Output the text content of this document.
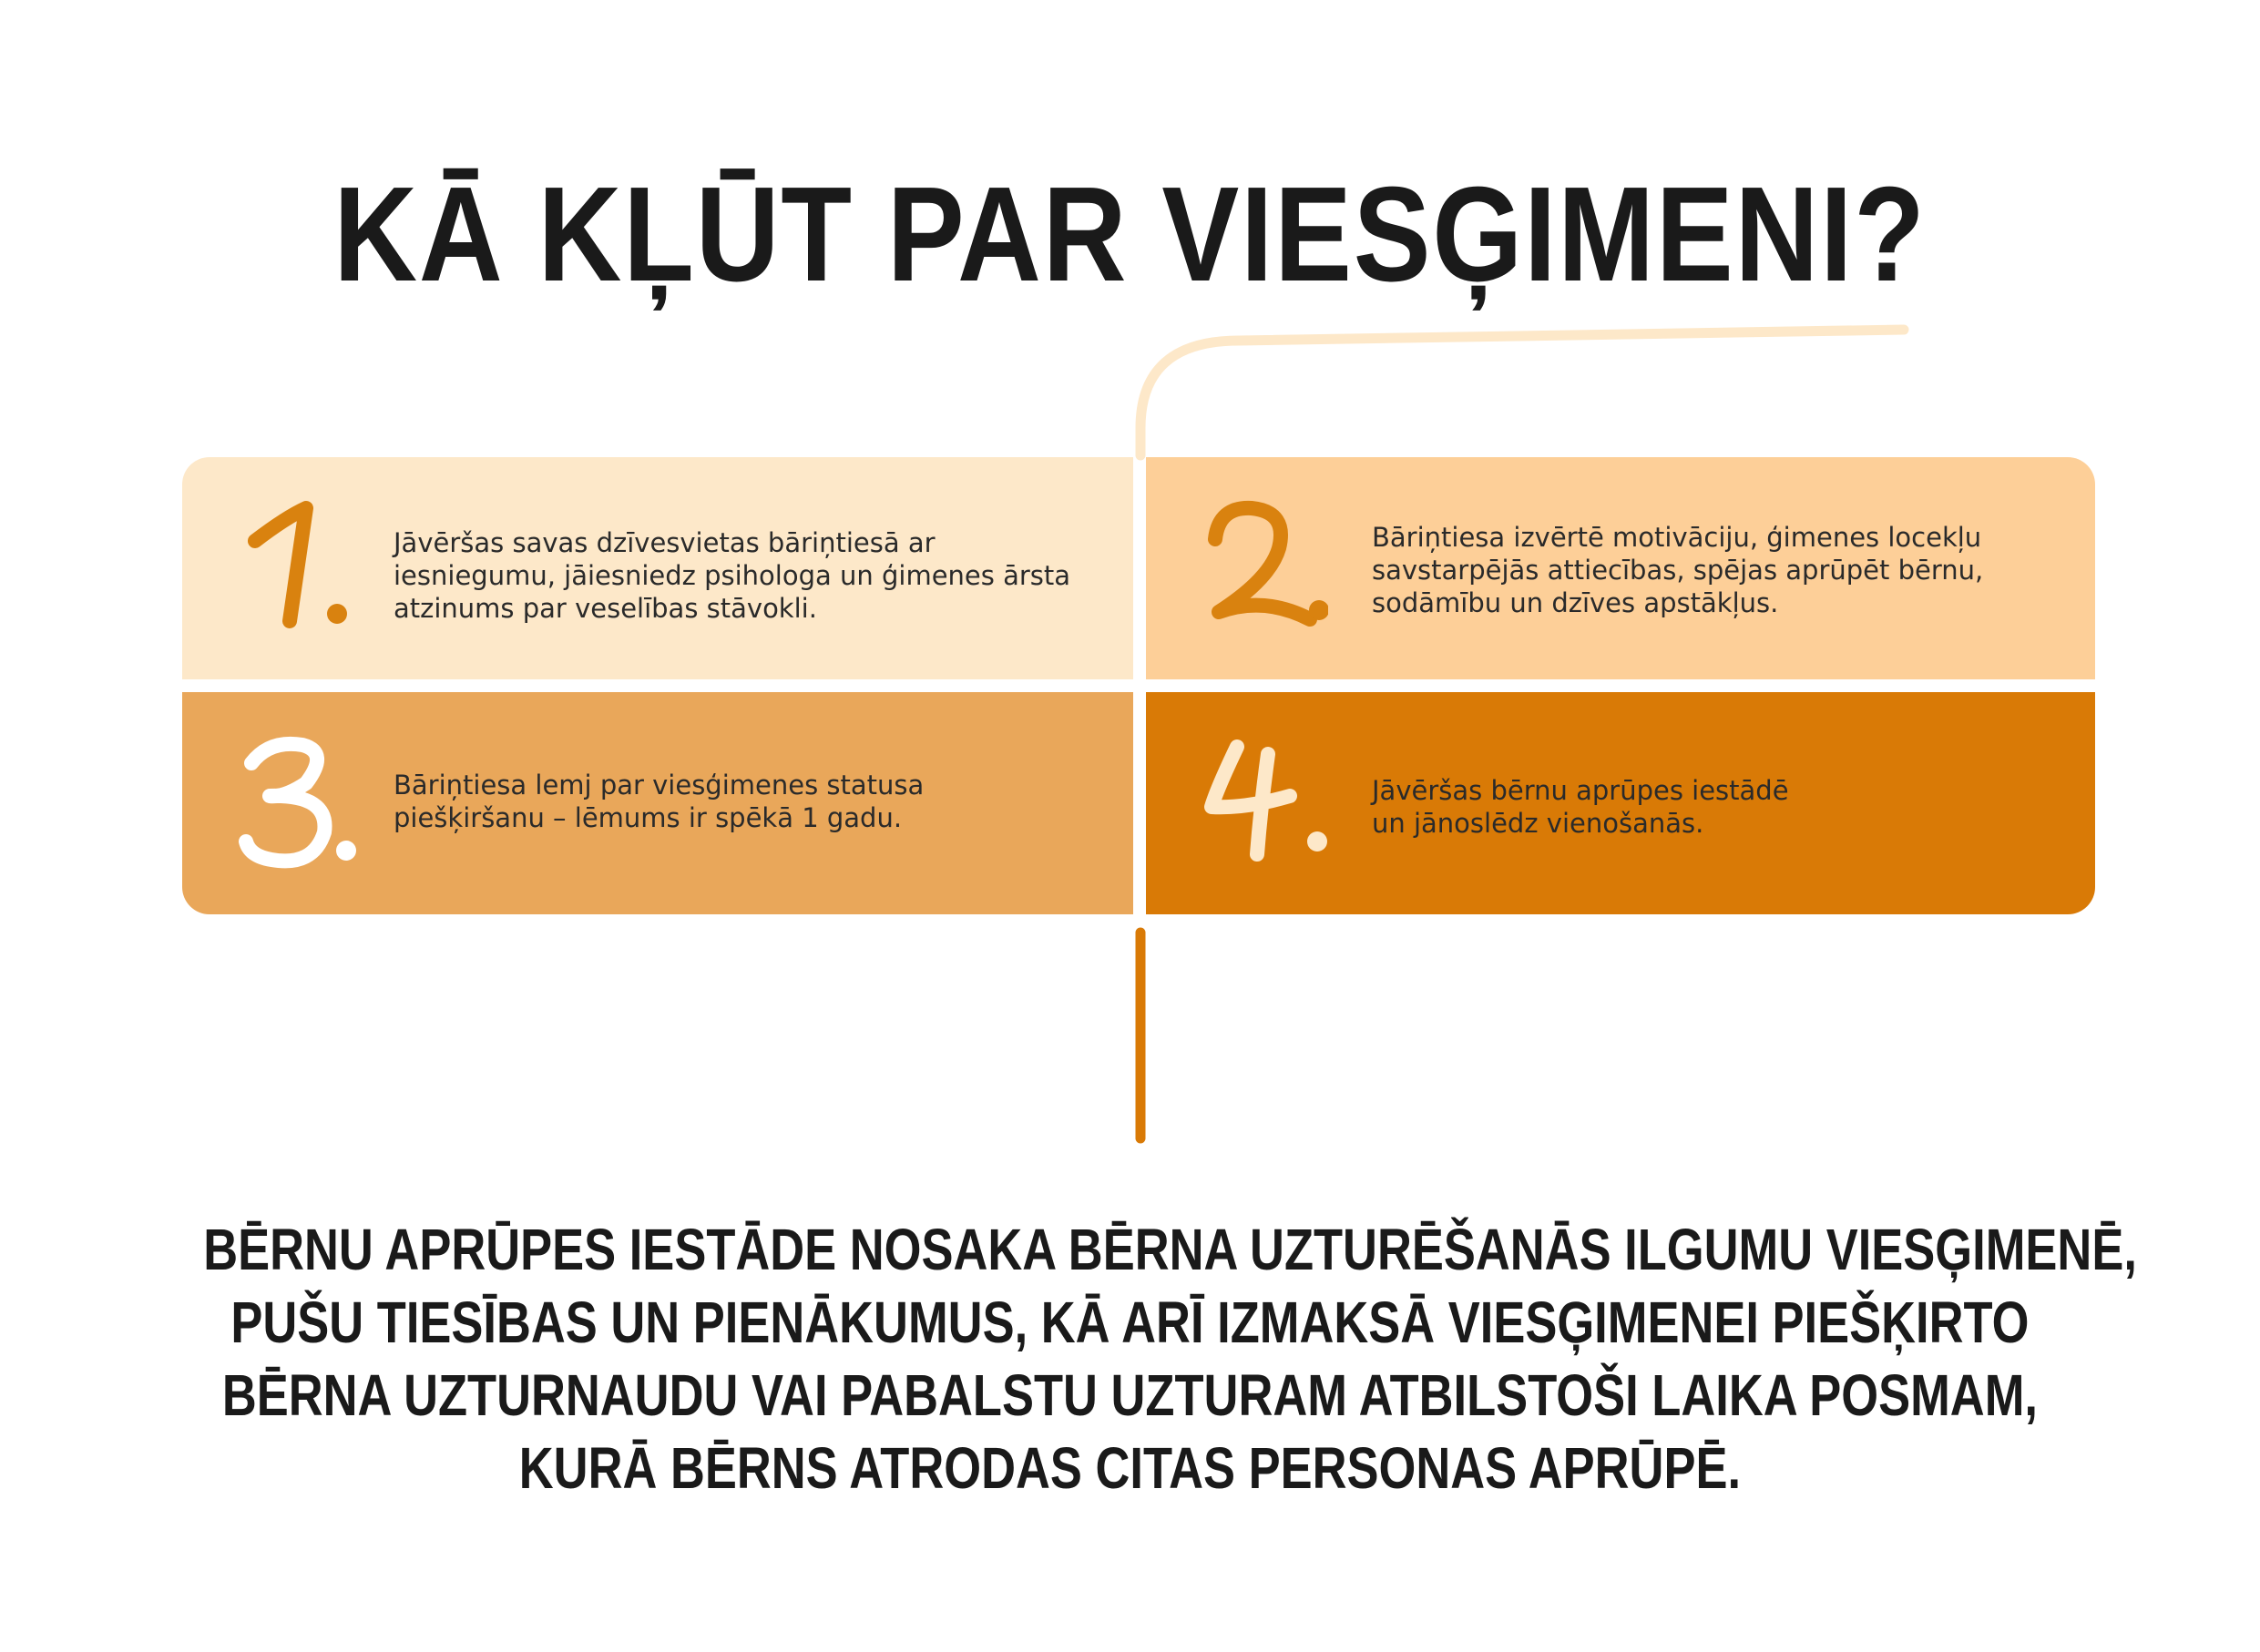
KĀ KĻŪT PAR VIESĢIMENI?
Jāvēršas savas dzīvesvietas bāriņtiesā ar
iesniegumu, jāiesniedz psihologa un ģimenes ārsta
atzinums par veselības stāvokli.
Bāriņtiesa izvērtē motivāciju, ģimenes locekļu
savstarpējās attiecības, spējas aprūpēt bērnu,
sodāmību un dzīves apstākļus.
Bāriņtiesa lemj par viesģimenes statusa
piešķiršanu – lēmums ir spēkā 1 gadu.
Jāvēršas bērnu aprūpes iestādē
un jānoslēdz vienošanās.
BĒRNU APRŪPES IESTĀDE NOSAKA BĒRNA UZTURĒŠANĀS ILGUMU VIESĢIMENĒ,
PUŠU TIESĪBAS UN PIENĀKUMUS, KĀ ARĪ IZMAKSĀ VIESĢIMENEI PIEŠĶIRTO
BĒRNA UZTURNAUDU VAI PABALSTU UZTURAM ATBILSTOŠI LAIKA POSMAM,
KURĀ BĒRNS ATRODAS CITAS PERSONAS APRŪPĒ.
